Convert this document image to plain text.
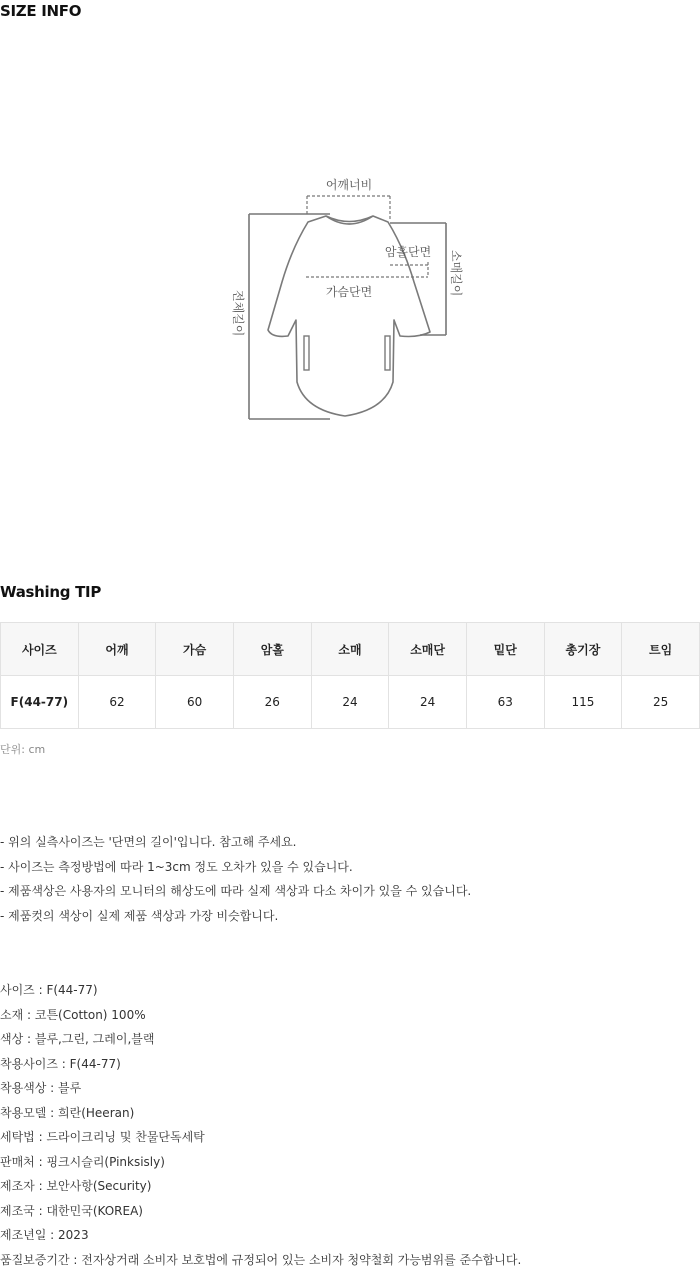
SIZE INFO
어깨너비
가슴단면
암홀단면 소매길이
전체길이
Washing TIP
사이즈	어깨	가슴	암홀	소매	소매단	밑단	총기장	트임
F(44-77)	62	60	26	24	24	63	115	25
단위: cm
- 위의 실측사이즈는 '단면의 길이'입니다. 참고해 주세요.
- 사이즈는 측정방법에 따라 1~3cm 정도 오차가 있을 수 있습니다.
- 제품색상은 사용자의 모니터의 해상도에 따라 실제 색상과 다소 차이가 있을 수 있습니다.
- 제품컷의 색상이 실제 제품 색상과 가장 비슷합니다.
사이즈 : F(44-77)
소재 : 코튼(Cotton) 100%
색상 : 블루,그린, 그레이,블랙
착용사이즈 : F(44-77)
착용색상 : 블루
착용모델 : 희란(Heeran)
세탁법 : 드라이크리닝 및 찬물단독세탁
판매처 : 핑크시슬리(Pinksisly)
제조자 : 보안사항(Security)
제조국 : 대한민국(KOREA)
제조년일 : 2023
품질보증기간 : 전자상거래 소비자 보호법에 규정되어 있는 소비자 청약철회 가능범위를 준수합니다.
